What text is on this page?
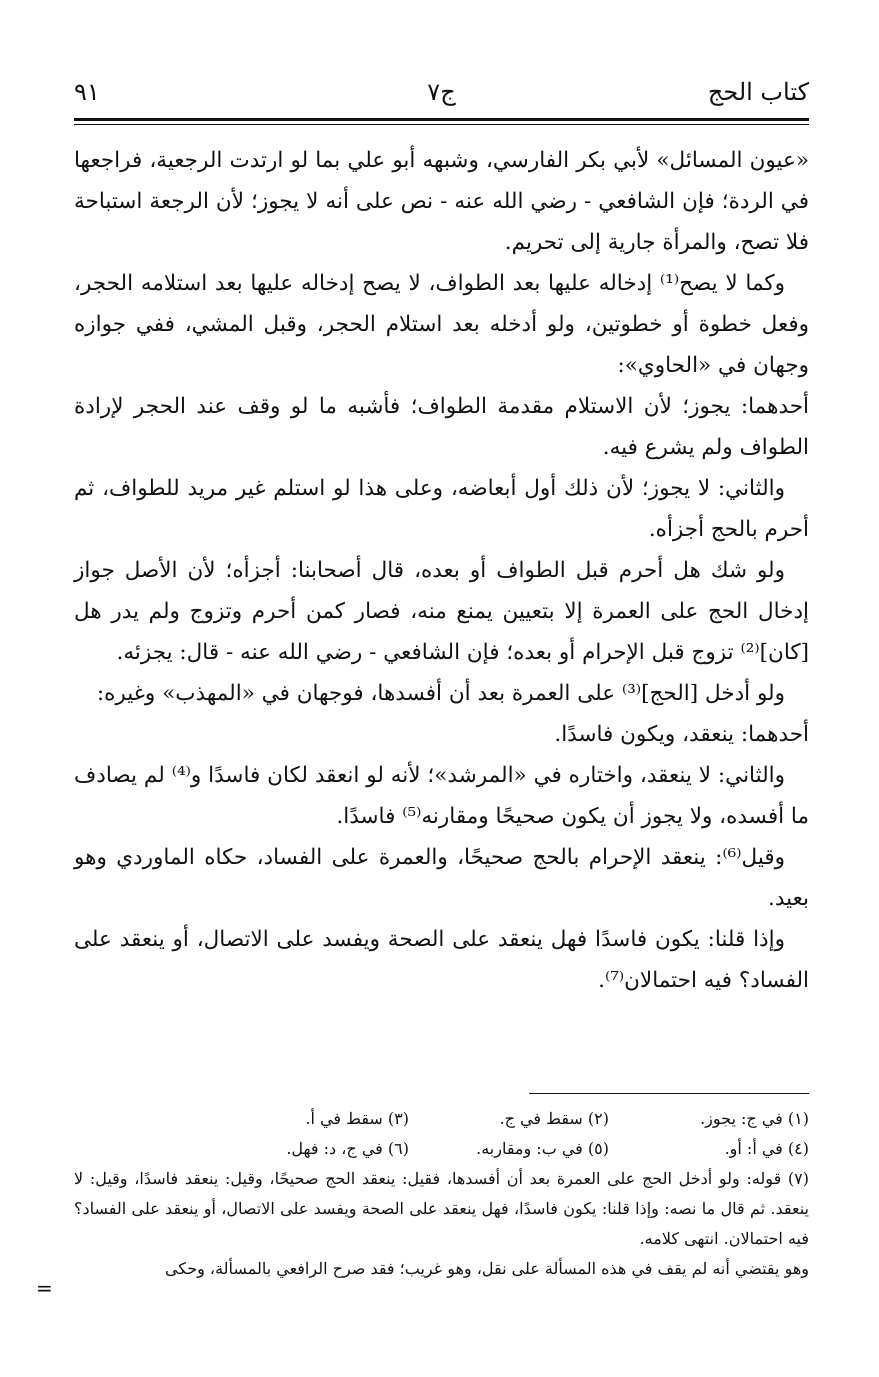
كتاب الحج
ج٧
٩١

«عيون المسائل» لأبي بكر الفارسي، وشبهه أبو علي بما لو ارتدت الرجعية، فراجعها في الردة؛ فإن الشافعي - رضي الله عنه - نص على أنه لا يجوز؛ لأن الرجعة استباحة فلا تصح، والمرأة جارية إلى تحريم.

وكما لا يصح⁽¹⁾ إدخاله عليها بعد الطواف، لا يصح إدخاله عليها بعد استلامه الحجر، وفعل خطوة أو خطوتين، ولو أدخله بعد استلام الحجر، وقبل المشي، ففي جوازه وجهان في «الحاوي»:

أحدهما: يجوز؛ لأن الاستلام مقدمة الطواف؛ فأشبه ما لو وقف عند الحجر لإرادة الطواف ولم يشرع فيه.

والثاني: لا يجوز؛ لأن ذلك أول أبعاضه، وعلى هذا لو استلم غير مريد للطواف، ثم أحرم بالحج أجزأه.

ولو شك هل أحرم قبل الطواف أو بعده، قال أصحابنا: أجزأه؛ لأن الأصل جواز إدخال الحج على العمرة إلا بتعيين يمنع منه، فصار كمن أحرم وتزوج ولم يدر هل [كان]⁽²⁾ تزوج قبل الإحرام أو بعده؛ فإن الشافعي - رضي الله عنه - قال: يجزئه.

ولو أدخل [الحج]⁽³⁾ على العمرة بعد أن أفسدها، فوجهان في «المهذب» وغيره:

أحدهما: ينعقد، ويكون فاسدًا.

والثاني: لا ينعقد، واختاره في «المرشد»؛ لأنه لو انعقد لكان فاسدًا و⁽⁴⁾ لم يصادف ما أفسده، ولا يجوز أن يكون صحيحًا ومقارنه⁽⁵⁾ فاسدًا.

وقيل⁽⁶⁾: ينعقد الإحرام بالحج صحيحًا، والعمرة على الفساد، حكاه الماوردي وهو بعيد.

وإذا قلنا: يكون فاسدًا فهل ينعقد على الصحة ويفسد على الاتصال، أو ينعقد على الفساد؟ فيه احتمالان⁽⁷⁾.

(١) في ج: يجوز.
(٢) سقط في ج.
(٣) سقط في أ.
(٤) في أ: أو.
(٥) في ب: ومقاربه.
(٦) في ج، د: فهل.
(٧) قوله: ولو أدخل الحج على العمرة بعد أن أفسدها، فقيل: ينعقد الحج صحيحًا، وقيل: ينعقد فاسدًا، وقيل: لا ينعقد. ثم قال ما نصه: وإذا قلنا: يكون فاسدًا، فهل ينعقد على الصحة ويفسد على الاتصال، أو ينعقد على الفساد؟ فيه احتمالان. انتهى كلامه.
وهو يقتضي أنه لم يقف في هذه المسألة على نقل، وهو غريب؛ فقد صرح الرافعي بالمسألة، وحكى
=
